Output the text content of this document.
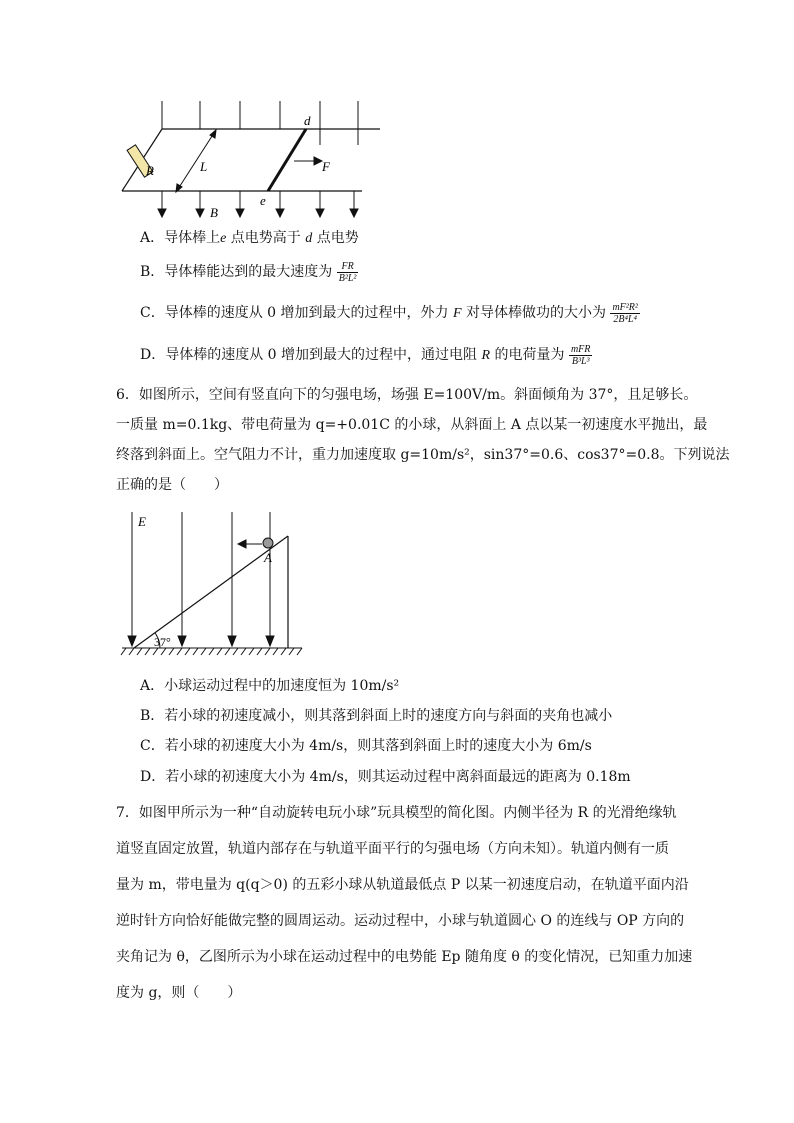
R	L
d
e
F
B
A．导体棒上e 点电势高于 d 点电势
B．导体棒能达到的最大速度为 $\frac{FR}{\text{B²L²}}$
C．导体棒的速度从 0 增加到最大的过程中，外力 F 对导体棒做功的大小为 $\frac{\text{mF²R²}}{\text{2B⁴L⁴}}$
D．导体棒的速度从 0 增加到最大的过程中，通过电阻 R 的电荷量为 $\frac{\text{mFR}}{\text{B³L³}}$
6．如图所示，空间有竖直向下的匀强电场，场强 E=100V/m。斜面倾角为 37°，且足够长。
一质量 m=0.1kg、带电荷量为 q=+0.01C 的小球，从斜面上 A 点以某一初速度水平抛出，最
终落到斜面上。空气阻力不计，重力加速度取 g=10m/s²，sin37°=0.6、cos37°=0.8。下列说法
正确的是（　　）
E
A
37°
A．小球运动过程中的加速度恒为 10m/s²
B．若小球的初速度减小，则其落到斜面上时的速度方向与斜面的夹角也减小
C．若小球的初速度大小为 4m/s，则其落到斜面上时的速度大小为 6m/s
D．若小球的初速度大小为 4m/s，则其运动过程中离斜面最远的距离为 0.18m
7．如图甲所示为一种“自动旋转电玩小球”玩具模型的简化图。内侧半径为 R 的光滑绝缘轨
道竖直固定放置，轨道内部存在与轨道平面平行的匀强电场（方向未知）。轨道内侧有一质
量为 m，带电量为 q(q＞0) 的五彩小球从轨道最低点 P 以某一初速度启动，在轨道平面内沿
逆时针方向恰好能做完整的圆周运动。运动过程中，小球与轨道圆心 O 的连线与 OP 方向的
夹角记为 θ，乙图所示为小球在运动过程中的电势能 Ep 随角度 θ 的变化情况，已知重力加速
度为 g，则（　　）
